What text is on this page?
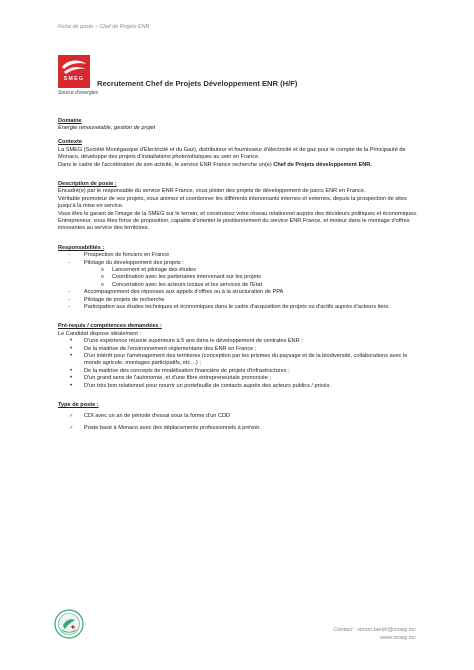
Fiche de poste – Chef de Projets ENR
SMEG
Source d'énergies
Recrutement Chef de Projets Développement ENR (H/F)
Domaine

Energie renouvelable, gestion de projet

Contexte

La SMEG (Société Monégasque d'Electricité et du Gaz), distributeur et fournisseur d'électricité et de gaz pour le compte de la Principauté de Monaco, développe des projets d'installations photovoltaïques au sein en France.

Dans le cadre de l'accélération de son activité, le service ENR France recherche un(e) Chef de Projets développement ENR.

Description de poste :

Encadré(e) par le responsable du service ENR France, vous piloter des projets de développement de parcs ENR en France.

Véritable promoteur de vos projets, vous animez et coordonner les différents intervenants internes et externes, depuis la prospection de sites jusqu'à la mise en service.

Vous êtes le garant de l'image de la SMEG sur le terrain, et construisez votre réseau relationnel auprès des décideurs politiques et économiques.

Entrepreneur, vous êtes force de proposition, capable d'orienter le positionnement du service ENR France, et moteur dans le montage d'offres innovantes au service des territoires.

Responsabilités :
-	Prospection de fonciers en France
-	Pilotage du développement des projets :
o Lancement et pilotage des études
o Coordination avec les partenaires intervenant sur les projets
o Concertation avec les acteurs locaux et les services de l'Etat
-	Accompagnement des réponses aux appels d'offres ou à la structuration de PPA
-	Pilotage de projets de recherche
-	Participation aux études techniques et économiques dans le cadre d'acquisition de projets ou d'actifs auprès d'acteurs tiers.
Pré-requis / compétences demandées :

Le Candidat dispose idéalement :

• D'une expérience réussie supérieure à 5 ans dans le développement de centrales ENR ;
• De la maitrise de l'environnement réglementaire des ENR en France ;
• D'un intérêt pour l'aménagement des territoires (conception par les prismes du paysage et de la biodiversité, collaborations avec le monde agricole, montages participatifs, etc…) ;
• De la maitrise des concepts de modélisation financière de projets d'infrastructures ;
• D'un grand sens de l'autonomie, et d'une fibre entrepreneuriale prononcée ;
• D'un très bon relationnel pour nourrir un portefeuille de contacts auprès des acteurs publics / privés.
Type de poste :
✓ CDI avec un an de période d'essai sous la forme d'un CDD
✓ Poste basé à Monaco avec des déplacements professionnels à prévoir.
Contact : simon.bertin@smeg.mc
www.smeg.mc
